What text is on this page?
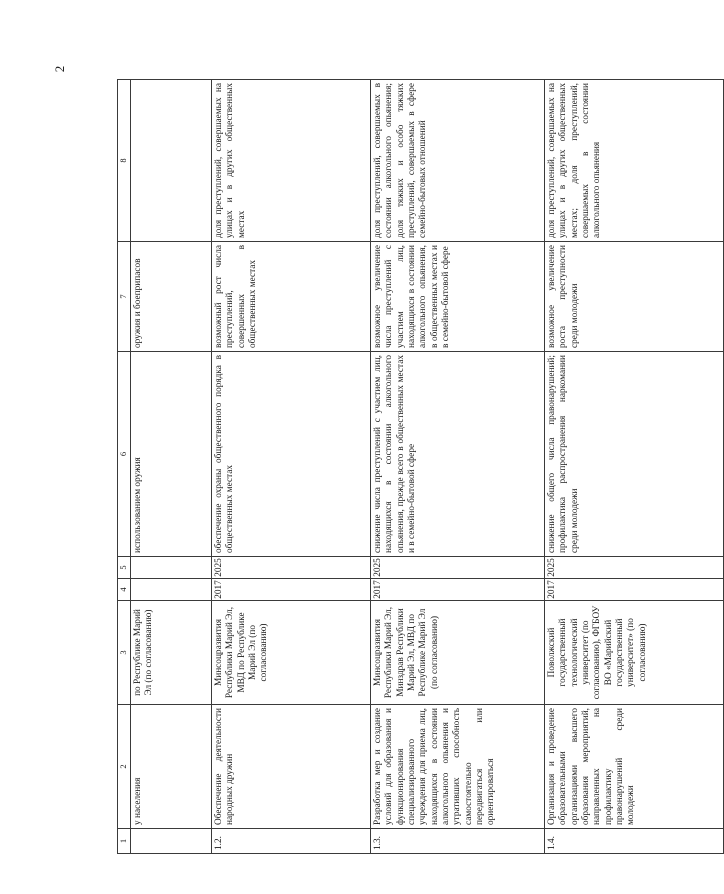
2
1	2	3	4	5	6	7	8
	у населения	по Республике Марий Эл (по согласованию)			использованием оружия	оружия и боеприпасов	
1.2.	Обеспечение деятельности народных дружин	Минсоцразвития Республики Марий Эл, МВД по Республике Марий Эл (по согласованию)	2017	2025	обеспечение охраны общественного порядка в общественных местах	возможный рост числа преступлений, совершенных в общественных местах	доля преступлений, совершаемых на улицах и в других общественных местах
1.3.	Разработка мер и создание условий для образования и функционирования специализированного учреждения для приема лиц, находящихся в состоянии алкогольного опьянения и утративших способность самостоятельно передвигаться или ориентироваться	Минсоцразвития Республики Марий Эл, Минздрав Республики Марий Эл, МВД по Республике Марий Эл (по согласованию)	2017	2025	снижение числа преступлений с участием лиц, находящихся в состоянии алкогольного опьянения, прежде всего в общественных местах и в семейно-бытовой сфере	возможное увеличение числа преступлений с участием лиц, находящихся в состоянии алкогольного опьянения, в общественных местах и в семейно-бытовой сфере	доля преступлений, совершаемых в состоянии алкогольного опьянения; доля тяжких и особо тяжких преступлений, совершаемых в сфере семейно-бытовых отношений
1.4.	Организация и проведение образовательными организациями высшего образования мероприятий, направленных на профилактику правонарушений среди молодежи	Поволжский государственный технологический университет (по согласованию), ФГБОУ ВО «Марийский государственный университет» (по согласованию)	2017	2025	снижение общего числа правонарушений; профилактика распространения наркомании среди молодежи	возможное увеличение роста преступности среди молодежи	доля преступлений, совершаемых на улицах и в других общественных местах; доля преступлений, совершаемых в состоянии алкогольного опьянения
